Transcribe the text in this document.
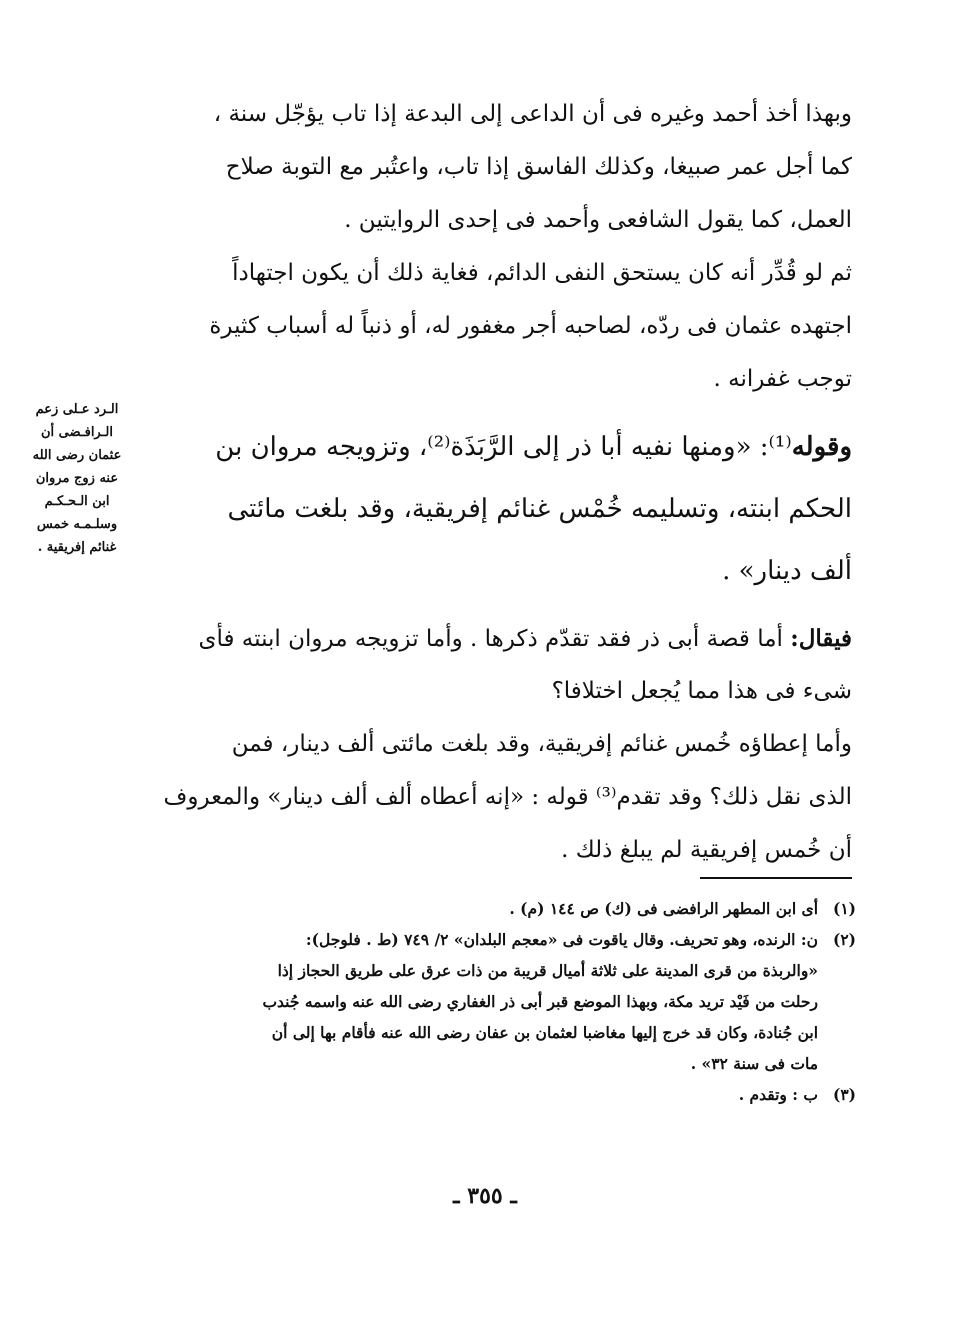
وبهذا أخذ أحمد وغيره فى أن الداعى إلى البدعة إذا تاب يؤجّل سنة ،
كما أجل عمر صبيغا، وكذلك الفاسق إذا تاب، واعتُبر مع التوبة صلاح
العمل، كما يقول الشافعى وأحمد فى إحدى الروايتين .
ثم لو قُدِّر أنه كان يستحق النفى الدائم، فغاية ذلك أن يكون اجتهاداً
اجتهده عثمان فى ردّه، لصاحبه أجر مغفور له، أو ذنباً له أسباب كثيرة
توجب غفرانه .
وقوله⁽¹⁾: «ومنها نفيه أبا ذر إلى الرَّبَذَة⁽²⁾، وتزويجه مروان بن
الحكم ابنته، وتسليمه خُمْس غنائم إفريقية، وقد بلغت مائتى
ألف دينار» .
فيقال: أما قصة أبى ذر فقد تقدّم ذكرها . وأما تزويجه مروان ابنته فأى
شىء فى هذا مما يُجعل اختلافا؟
وأما إعطاؤه خُمس غنائم إفريقية، وقد بلغت مائتى ألف دينار، فمن
الذى نقل ذلك؟ وقد تقدم⁽³⁾ قوله : «إنه أعطاه ألف ألف دينار» والمعروف
أن خُمس إفريقية لم يبلغ ذلك .
الـرد عـلى زعم
الـرافـضى أن
عثمان رضى الله
عنه زوج مروان
ابن الـحـكـم
وسلـمـه خمس
غنائم إفريقية .
(١)
أى ابن المطهر الرافضى فى (ك) ص ١٤٤ (م) .
(٢)
ن: الرنده، وهو تحريف. وقال ياقوت فى «معجم البلدان» ٢/ ٧٤٩ (ط . فلوجل):
«والربذة من قرى المدينة على ثلاثة أميال قريبة من ذات عرق على طريق الحجاز إذا
رحلت من فَيْد تريد مكة، وبهذا الموضع قبر أبى ذر الغفاري رضى الله عنه واسمه جُندب
ابن جُنادة، وكان قد خرج إليها مغاضبا لعثمان بن عفان رضى الله عنه فأقام بها إلى أن
مات فى سنة ٣٢» .
(٣)
ب : وتقدم .
ـ ٣٥٥ ـ
